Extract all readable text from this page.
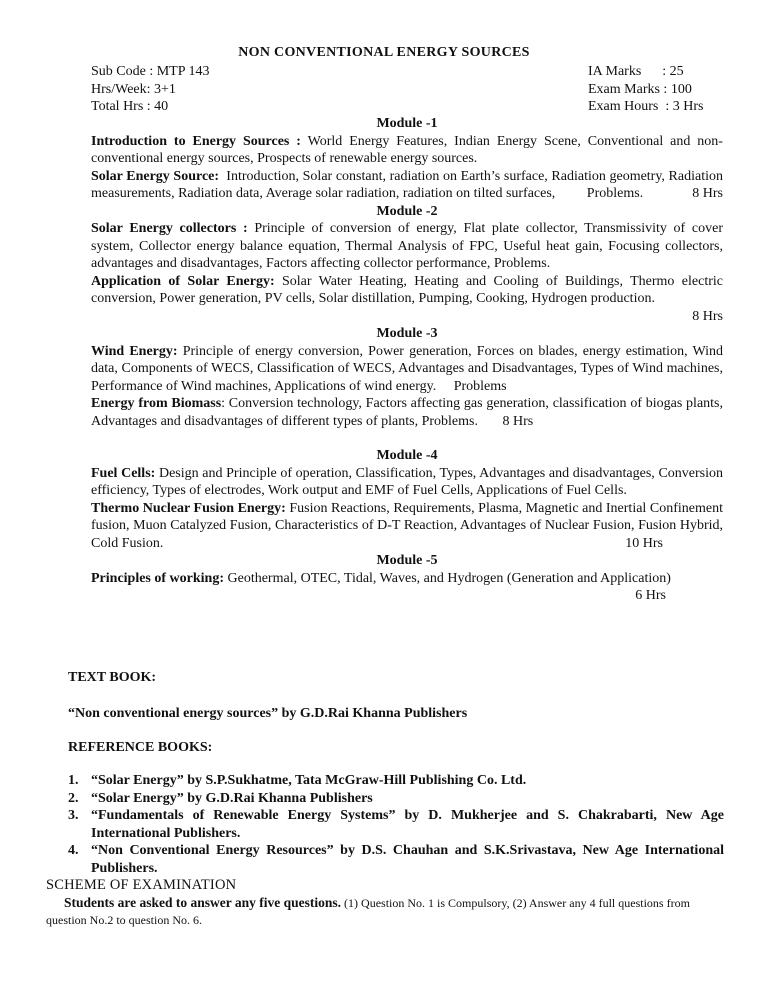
NON CONVENTIONAL ENERGY SOURCES
Sub Code : MTP 143
Hrs/Week: 3+1
Total Hrs : 40
IA Marks      : 25
Exam Marks : 100
Exam Hours  : 3 Hrs
Module -1
Introduction to Energy Sources : World Energy Features, Indian Energy Scene, Conventional and non-conventional energy sources, Prospects of renewable energy sources.
Solar Energy Source:  Introduction, Solar constant, radiation on Earth’s surface, Radiation geometry, Radiation measurements, Radiation data, Average solar radiation, radiation on tilted surfaces,         Problems.	8 Hrs
Module -2
Solar Energy collectors : Principle of conversion of energy, Flat plate collector, Transmissivity of cover system, Collector energy balance equation, Thermal Analysis of FPC, Useful heat gain, Focusing collectors, advantages and disadvantages, Factors affecting collector performance, Problems.
Application of Solar Energy: Solar Water Heating, Heating and Cooling of Buildings, Thermo electric conversion, Power generation, PV cells, Solar distillation, Pumping, Cooking, Hydrogen production.
8 Hrs
Module -3
Wind Energy: Principle of energy conversion, Power generation, Forces on blades, energy estimation, Wind data, Components of WECS, Classification of WECS, Advantages and Disadvantages, Types of Wind machines, Performance of Wind machines, Applications of wind energy.     Problems
Energy from Biomass: Conversion technology, Factors affecting gas generation, classification of biogas plants, Advantages and disadvantages of different types of plants, Problems.       8 Hrs
Module -4
Fuel Cells: Design and Principle of operation, Classification, Types, Advantages and disadvantages, Conversion efficiency, Types of electrodes, Work output and EMF of Fuel Cells, Applications of Fuel Cells.
Thermo Nuclear Fusion Energy: Fusion Reactions, Requirements, Plasma, Magnetic and Inertial Confinement fusion, Muon Catalyzed Fusion, Characteristics of D-T Reaction, Advantages of Nuclear Fusion, Fusion Hybrid, Cold Fusion.	10 Hrs
Module -5
Principles of working: Geothermal, OTEC, Tidal, Waves, and Hydrogen (Generation and Application)
6 Hrs
TEXT BOOK:
“Non conventional energy sources” by G.D.Rai Khanna Publishers
REFERENCE BOOKS:
1. “Solar Energy” by S.P.Sukhatme, Tata McGraw-Hill Publishing Co. Ltd.
2. “Solar Energy” by G.D.Rai Khanna Publishers
3. “Fundamentals of Renewable Energy Systems” by D. Mukherjee and S. Chakrabarti, New Age International Publishers.
4. “Non Conventional Energy Resources” by D.S. Chauhan and S.K.Srivastava, New Age International Publishers.
SCHEME OF EXAMINATION
Students are asked to answer any five questions. (1) Question No. 1 is Compulsory, (2) Answer any 4 full questions from question No.2 to question No. 6.
